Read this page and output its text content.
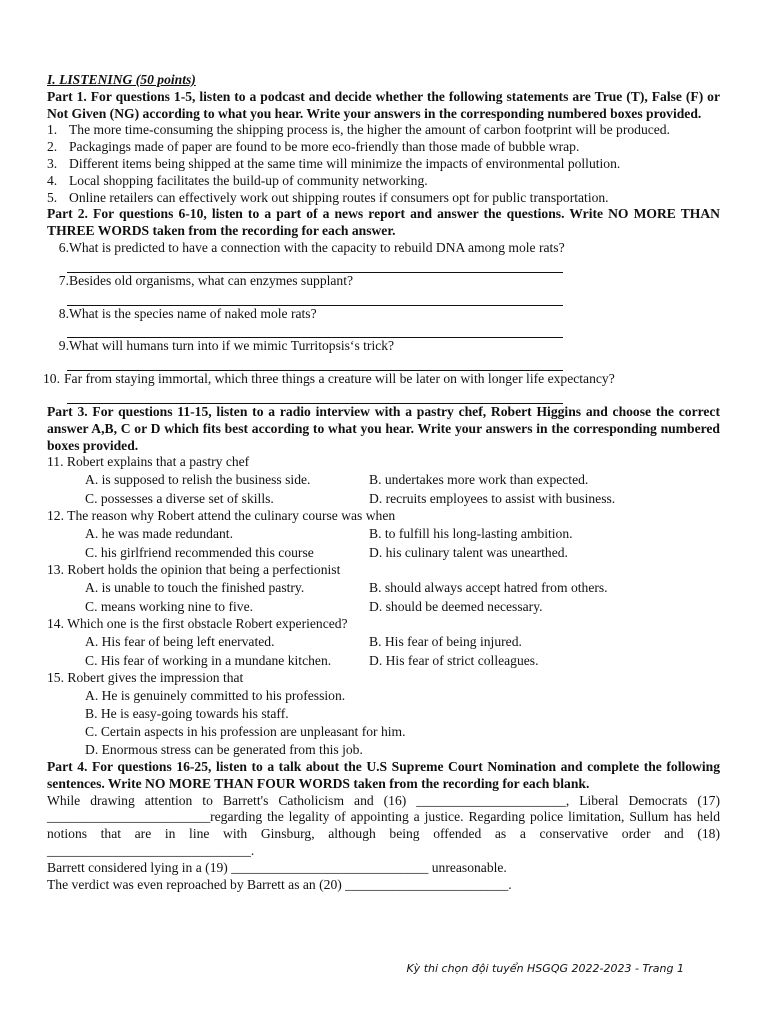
I. LISTENING (50 points)
Part 1. For questions 1-5, listen to a podcast and decide whether the following statements are True (T), False (F) or Not Given (NG) according to what you hear. Write your answers in the corresponding numbered boxes provided.
1. The more time-consuming the shipping process is, the higher the amount of carbon footprint will be produced.
2. Packagings made of paper are found to be more eco-friendly than those made of bubble wrap.
3. Different items being shipped at the same time will minimize the impacts of environmental pollution.
4. Local shopping facilitates the build-up of community networking.
5. Online retailers can effectively work out shipping routes if consumers opt for public transportation.
Part 2. For questions 6-10, listen to a part of a news report and answer the questions. Write NO MORE THAN THREE WORDS taken from the recording for each answer.
6. What is predicted to have a connection with the capacity to rebuild DNA among mole rats?
7. Besides old organisms, what can enzymes supplant?
8. What is the species name of naked mole rats?
9. What will humans turn into if we mimic Turritopsis‘s trick?
10. Far from staying immortal, which three things a creature will be later on with longer life expectancy?
Part 3. For questions 11-15, listen to a radio interview with a pastry chef, Robert Higgins and choose the correct answer A,B, C or D which fits best according to what you hear. Write your answers in the corresponding numbered boxes provided.
11. Robert explains that a pastry chef
A. is supposed to relish the business side.	B. undertakes more work than expected.
C. possesses a diverse set of skills.	D. recruits employees to assist with business.
12. The reason why Robert attend the culinary course was when
A. he was made redundant.	B. to fulfill his long-lasting ambition.
C. his girlfriend recommended this course	D. his culinary talent was unearthed.
13. Robert holds the opinion that being a perfectionist
A. is unable to touch the finished pastry.	B. should always accept hatred from others.
C. means working nine to five.	D. should be deemed necessary.
14. Which one is the first obstacle Robert experienced?
A. His fear of being left enervated.	B. His fear of being injured.
C. His fear of working in a mundane kitchen.	D. His fear of strict colleagues.
15. Robert gives the impression that
A. He is genuinely committed to his profession.
B. He is easy-going towards his staff.
C. Certain aspects in his profession are unpleasant for him.
D. Enormous stress can be generated from this job.
Part 4. For questions 16-25, listen to a talk about the U.S Supreme Court Nomination and complete the following sentences. Write NO MORE THAN FOUR WORDS taken from the recording for each blank.
While drawing attention to Barrett's Catholicism and (16) ______________________, Liberal Democrats (17) ________________________regarding the legality of appointing a justice. Regarding police limitation, Sullum has held notions that are in line with Ginsburg, although being offended as a conservative order and (18) ______________________________.
Barrett considered lying in a (19) _____________________________ unreasonable.
The verdict was even reproached by Barrett as an (20) ________________________.
Kỳ thi chọn đội tuyển HSGQG 2022-2023 - Trang 1
